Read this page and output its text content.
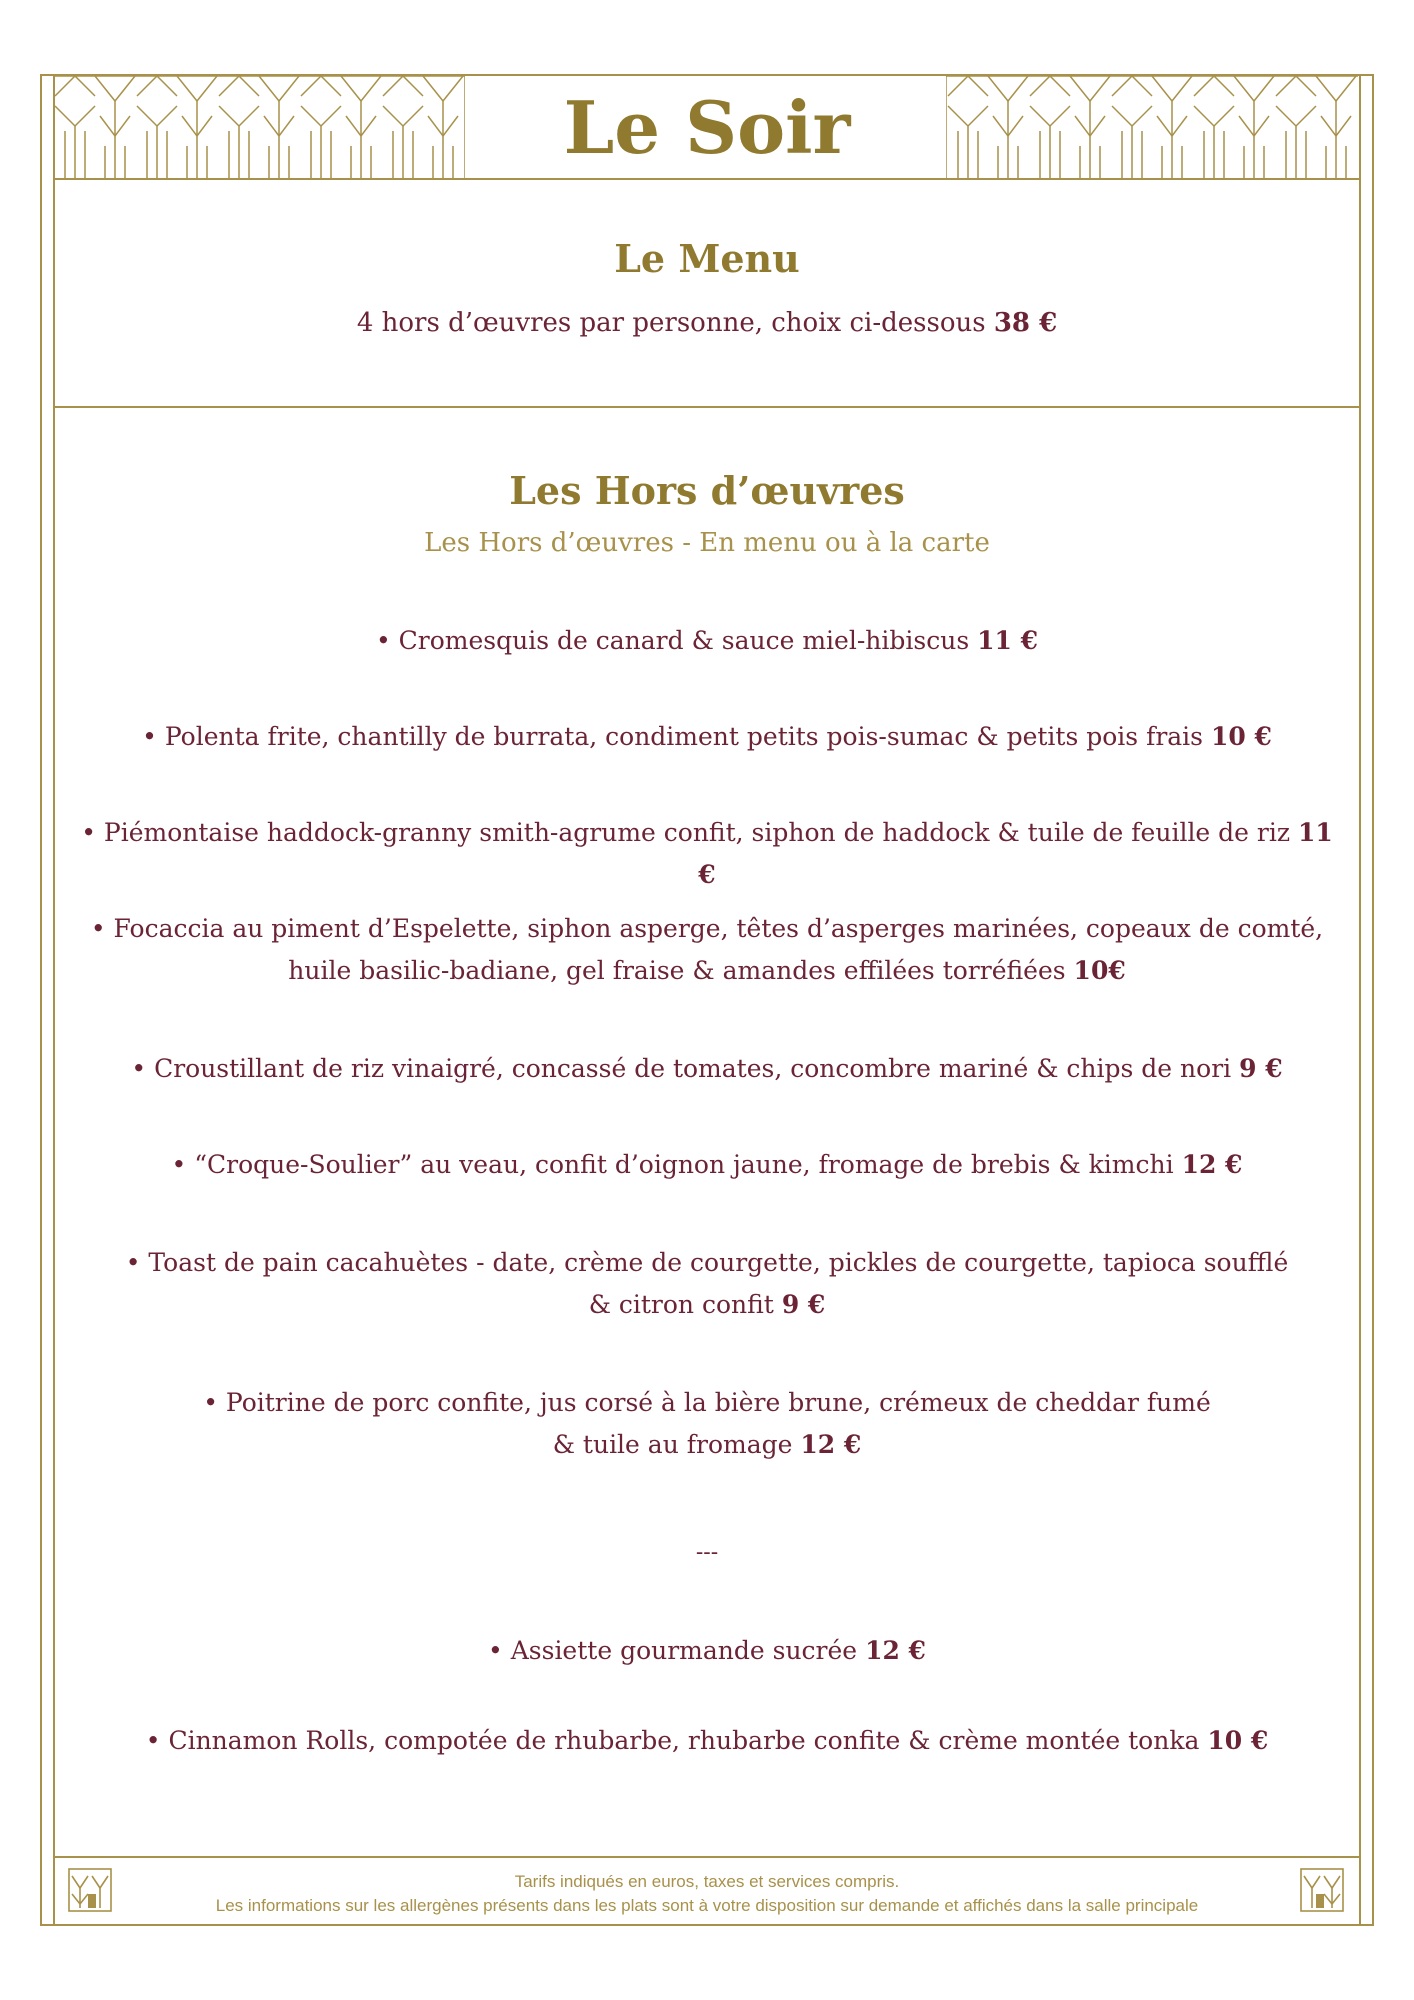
Le Soir
Le Menu

4 hors d’œuvres par personne, choix ci-dessous 38 €

Les Hors d’œuvres

Les Hors d’œuvres - En menu ou à la carte

• Cromesquis de canard & sauce miel-hibiscus 11 €

• Polenta frite, chantilly de burrata, condiment petits pois-sumac & petits pois frais 10 €

• Piémontaise haddock-granny smith-agrume confit, siphon de haddock & tuile de feuille de riz 11 €

• Focaccia au piment d’Espelette, siphon asperge, têtes d’asperges marinées, copeaux de comté,
huile basilic-badiane, gel fraise & amandes effilées torréfiées 10€

• Croustillant de riz vinaigré, concassé de tomates, concombre mariné & chips de nori 9 €

• “Croque-Soulier” au veau, confit d’oignon jaune, fromage de brebis & kimchi 12 €

• Toast de pain cacahuètes - date, crème de courgette, pickles de courgette, tapioca soufflé
& citron confit 9 €

• Poitrine de porc confite, jus corsé à la bière brune, crémeux de cheddar fumé
& tuile au fromage 12 €

---

• Assiette gourmande sucrée 12 €

• Cinnamon Rolls, compotée de rhubarbe, rhubarbe confite & crème montée tonka 10 €

Tarifs indiqués en euros, taxes et services compris.

Les informations sur les allergènes présents dans les plats sont à votre disposition sur demande et affichés dans la salle principale
